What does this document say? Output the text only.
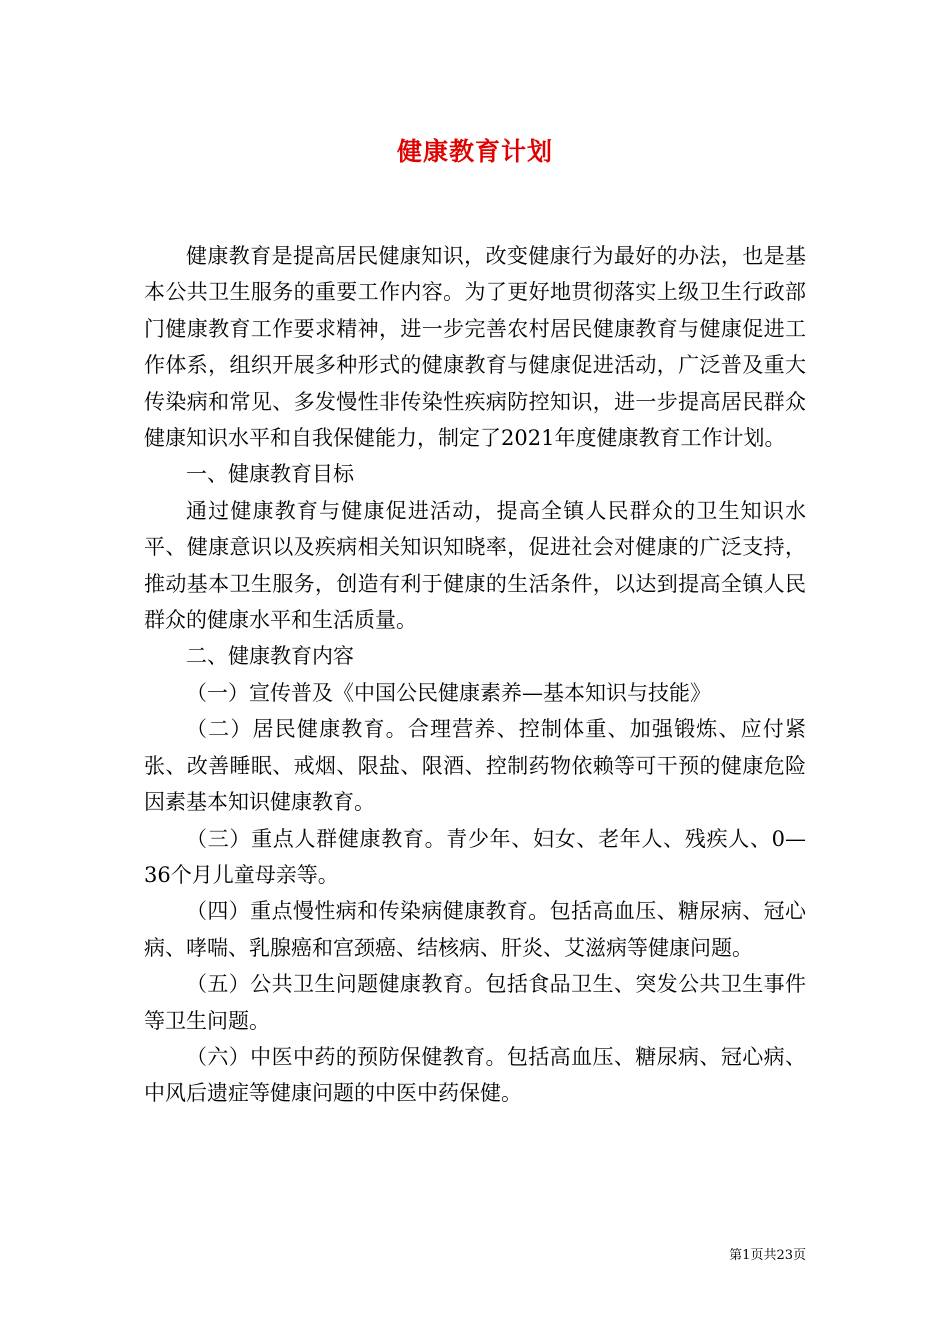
健康教育计划

健康教育是提高居民健康知识，改变健康行为最好的办法，也是基本公共卫生服务的重要工作内容。为了更好地贯彻落实上级卫生行政部门健康教育工作要求精神，进一步完善农村居民健康教育与健康促进工作体系，组织开展多种形式的健康教育与健康促进活动，广泛普及重大传染病和常见、多发慢性非传染性疾病防控知识，进一步提高居民群众健康知识水平和自我保健能力，制定了2021年度健康教育工作计划。

一、健康教育目标

通过健康教育与健康促进活动，提高全镇人民群众的卫生知识水平、健康意识以及疾病相关知识知晓率，促进社会对健康的广泛支持，推动基本卫生服务，创造有利于健康的生活条件，以达到提高全镇人民群众的健康水平和生活质量。

二、健康教育内容

（一）宣传普及《中国公民健康素养—基本知识与技能》

（二）居民健康教育。合理营养、控制体重、加强锻炼、应付紧张、改善睡眠、戒烟、限盐、限酒、控制药物依赖等可干预的健康危险因素基本知识健康教育。

（三）重点人群健康教育。青少年、妇女、老年人、残疾人、0—36个月儿童母亲等。

（四）重点慢性病和传染病健康教育。包括高血压、糖尿病、冠心病、哮喘、乳腺癌和宫颈癌、结核病、肝炎、艾滋病等健康问题。

（五）公共卫生问题健康教育。包括食品卫生、突发公共卫生事件等卫生问题。

（六）中医中药的预防保健教育。包括高血压、糖尿病、冠心病、中风后遗症等健康问题的中医中药保健。

第1页共23页
